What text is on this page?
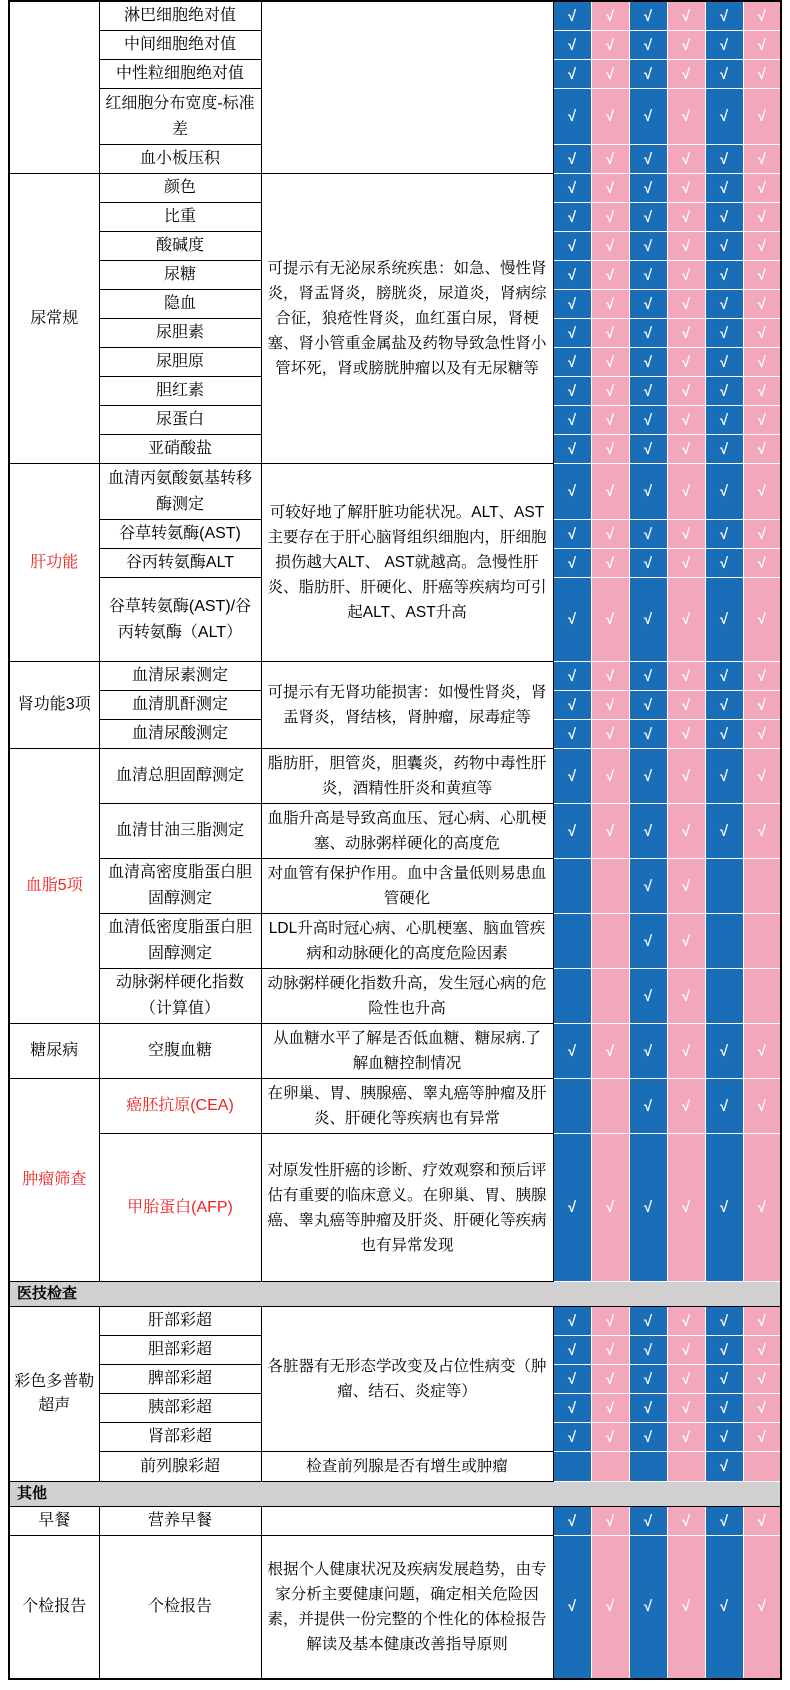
	淋巴细胞绝对值		√	√	√	√	√	√
	中间细胞绝对值		√	√	√	√	√	√
	中性粒细胞绝对值		√	√	√	√	√	√
	红细胞分布宽度-标准差		√	√	√	√	√	√
	血小板压积		√	√	√	√	√	√
尿常规	颜色	可提示有无泌尿系统疾患：如急、慢性肾炎，肾盂肾炎，膀胱炎，尿道炎，肾病综合征，狼疮性肾炎，血红蛋白尿，肾梗塞、肾小管重金属盐及药物导致急性肾小管坏死，肾或膀胱肿瘤以及有无尿糖等	√	√	√	√	√	√
	比重		√	√	√	√	√	√
	酸碱度		√	√	√	√	√	√
	尿糖		√	√	√	√	√	√
	隐血		√	√	√	√	√	√
	尿胆素		√	√	√	√	√	√
	尿胆原		√	√	√	√	√	√
	胆红素		√	√	√	√	√	√
	尿蛋白		√	√	√	√	√	√
	亚硝酸盐		√	√	√	√	√	√
肝功能	血清丙氨酸氨基转移酶测定	可较好地了解肝脏功能状况。ALT、AST主要存在于肝心脑肾组织细胞内，肝细胞损伤越大ALT、 AST就越高。急慢性肝炎、脂肪肝、肝硬化、肝癌等疾病均可引起ALT、AST升高	√	√	√	√	√	√
	谷草转氨酶(AST)		√	√	√	√	√	√
	谷丙转氨酶ALT		√	√	√	√	√	√
	谷草转氨酶(AST)/谷丙转氨酶（ALT）		√	√	√	√	√	√
肾功能3项	血清尿素测定	可提示有无肾功能损害：如慢性肾炎，肾盂肾炎，肾结核，肾肿瘤，尿毒症等	√	√	√	√	√	√
	血清肌酐测定		√	√	√	√	√	√
	血清尿酸测定		√	√	√	√	√	√
血脂5项	血清总胆固醇测定	脂肪肝，胆管炎，胆囊炎，药物中毒性肝炎，酒精性肝炎和黄疸等	√	√	√	√	√	√
	血清甘油三脂测定	血脂升高是导致高血压、冠心病、心肌梗塞、动脉粥样硬化的高度危	√	√	√	√	√	√
	血清高密度脂蛋白胆固醇测定	对血管有保护作用。血中含量低则易患血管硬化			√	√		
	血清低密度脂蛋白胆固醇测定	LDL升高时冠心病、心肌梗塞、脑血管疾病和动脉硬化的高度危险因素			√	√		
	动脉粥样硬化指数（计算值）	动脉粥样硬化指数升高，发生冠心病的危险性也升高			√	√		
糖尿病	空腹血糖	从血糖水平了解是否低血糖、糖尿病.了解血糖控制情况	√	√	√	√	√	√
肿瘤筛查	癌胚抗原(CEA)	在卵巢、胃、胰腺癌、睾丸癌等肿瘤及肝炎、肝硬化等疾病也有异常			√	√	√	√
	甲胎蛋白(AFP)	对原发性肝癌的诊断、疗效观察和预后评估有重要的临床意义。在卵巢、胃、胰腺癌、睾丸癌等肿瘤及肝炎、肝硬化等疾病也有异常发现	√	√	√	√	√	√
医技检查								
彩色多普勒超声	肝部彩超	各脏器有无形态学改变及占位性病变（肿瘤、结石、炎症等）	√	√	√	√	√	√
	胆部彩超		√	√	√	√	√	√
	脾部彩超		√	√	√	√	√	√
	胰部彩超		√	√	√	√	√	√
	肾部彩超		√	√	√	√	√	√
	前列腺彩超	检查前列腺是否有增生或肿瘤					√	
其他								
早餐	营养早餐		√	√	√	√	√	√
个检报告	个检报告	根据个人健康状况及疾病发展趋势，由专家分析主要健康问题，确定相关危险因素，并提供一份完整的个性化的体检报告解读及基本健康改善指导原则	√	√	√	√	√	√
